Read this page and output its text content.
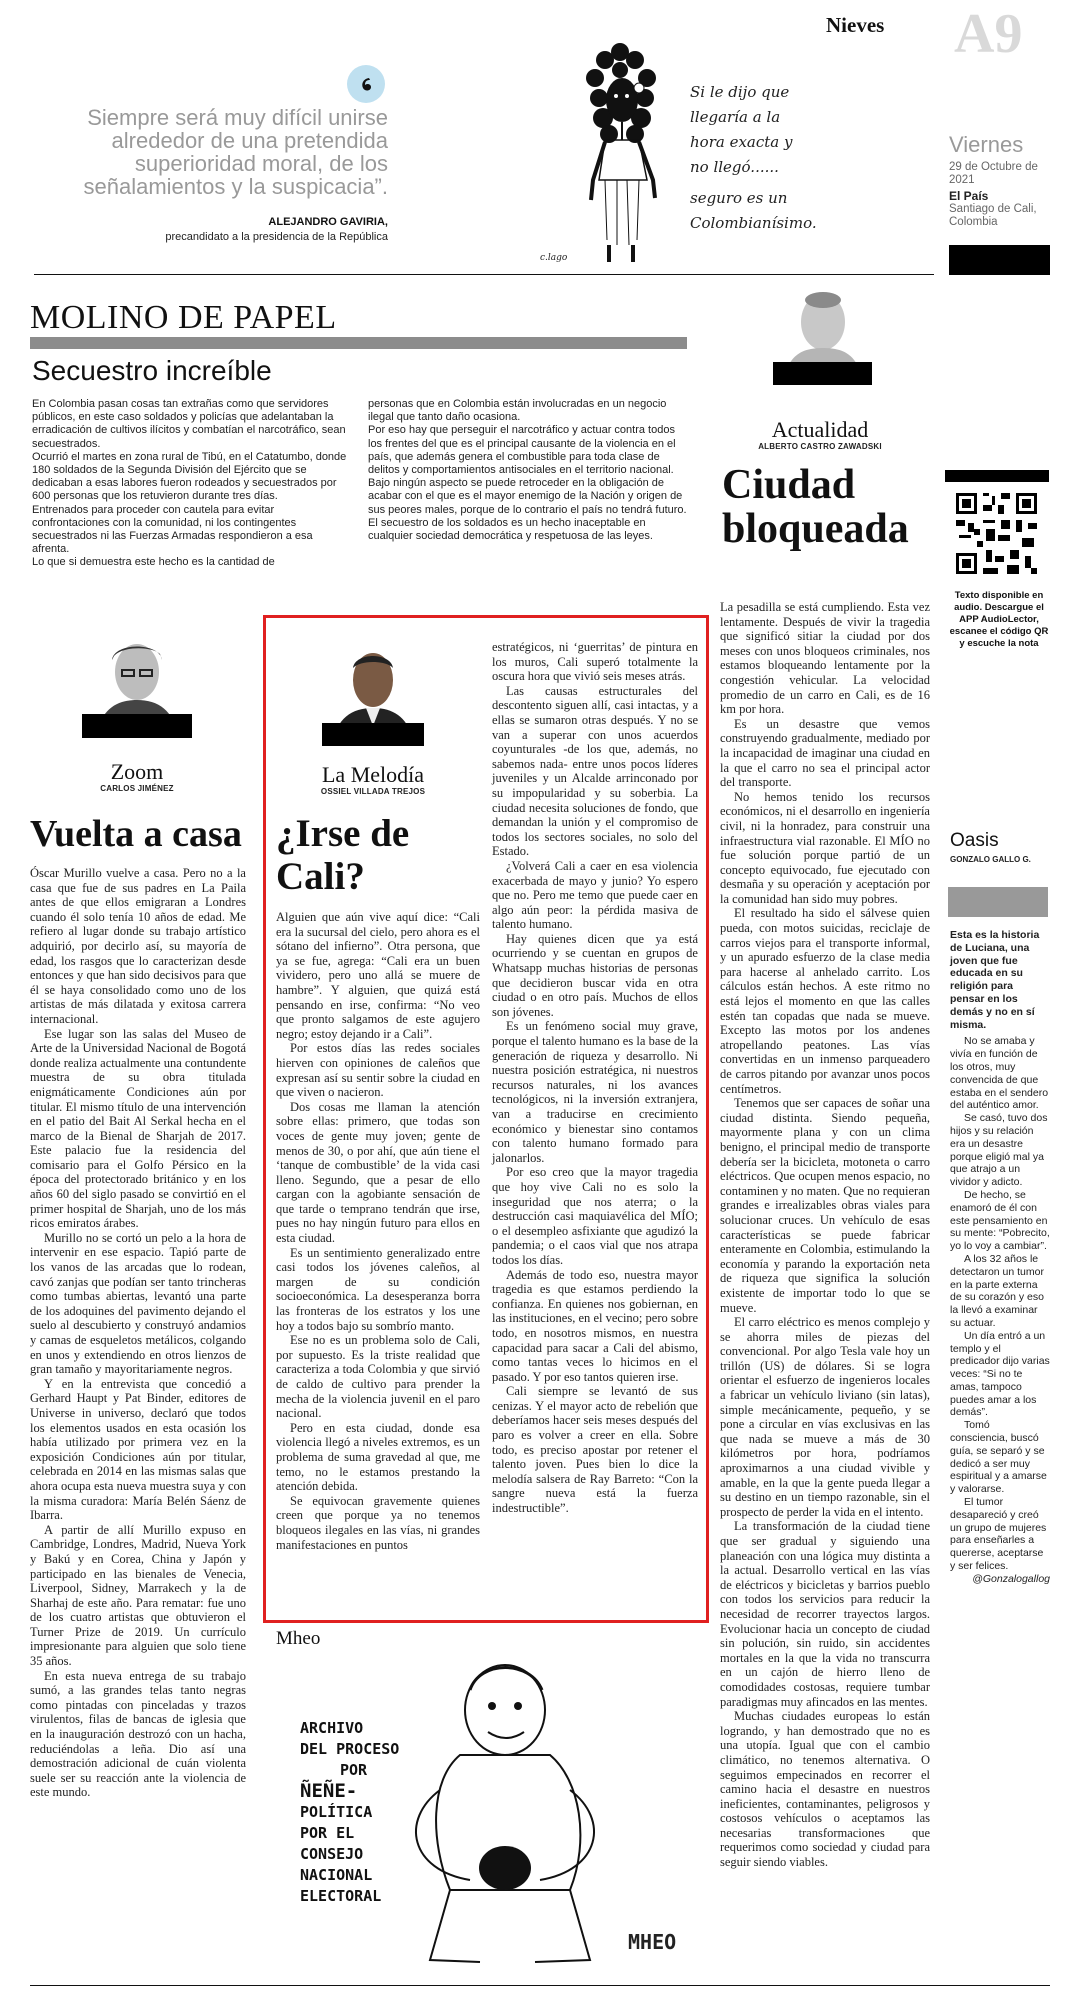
Nieves A9
Viernes
29 de Octubre de 2021
El País
Santiago de Cali, Colombia
Siempre será muy difícil unirse alrededor de una pretendida superioridad moral, de los señalamientos y la suspicacia”.
ALEJANDRO GAVIRIA,
precandidato a la presidencia de la República
Si le dijo que
llegaría a la
hora exacta y
no llegó......
seguro es un
Colombianísimo.
c.lago
MOLINO DE PAPEL
Secuestro increíble

En Colombia pasan cosas tan extrañas como que servidores públicos, en este caso soldados y policías que adelantaban la erradicación de cultivos ilícitos y combatían el narcotráfico, sean secuestrados.

Ocurrió el martes en zona rural de Tibú, en el Catatumbo, donde 180 soldados de la Segunda División del Ejército que se dedicaban a esas labores fueron rodeados y secuestrados por 600 personas que los retuvieron durante tres días.

Entrenados para proceder con cautela para evitar confrontaciones con la comunidad, ni los contingentes secuestrados ni las Fuerzas Armadas respondieron a esa afrenta.

Lo que si demuestra este hecho es la cantidad de

personas que en Colombia están involucradas en un negocio ilegal que tanto daño ocasiona.

Por eso hay que perseguir el narcotráfico y actuar contra todos los frentes del que es el principal causante de la violencia en el país, que además genera el combustible para toda clase de delitos y comportamientos antisociales en el territorio nacional.

Bajo ningún aspecto se puede retroceder en la obligación de acabar con el que es el mayor enemigo de la Nación y origen de sus peores males, porque de lo contrario el país no tendrá futuro.

El secuestro de los soldados es un hecho inaceptable en cualquier sociedad democrática y respetuosa de las leyes.

Actualidad
ALBERTO CASTRO ZAWADSKI
Ciudad
bloqueada

La pesadilla se está cumpliendo. Esta vez lentamente. Después de vivir la tragedia que significó sitiar la ciudad por dos meses con unos bloqueos criminales, nos estamos bloqueando lentamente por la congestión vehicular. La velocidad promedio de un carro en Cali, es de 16 km por hora.

Es un desastre que vemos construyendo gradualmente, mediado por la incapacidad de imaginar una ciudad en la que el carro no sea el principal actor del transporte.

No hemos tenido los recursos económicos, ni el desarrollo en ingeniería civil, ni la honradez, para construir una infraestructura vial razonable. El MÍO no fue solución porque partió de un concepto equivocado, fue ejecutado con desmaña y su operación y aceptación por la comunidad han sido muy pobres.

El resultado ha sido el sálvese quien pueda, con motos suicidas, reciclaje de carros viejos para el transporte informal, y un apurado esfuerzo de la clase media para hacerse al anhelado carrito. Los cálculos están hechos. A este ritmo no está lejos el momento en que las calles estén tan copadas que nada se mueve. Excepto las motos por los andenes atropellando peatones. Las vías convertidas en un inmenso parqueadero de carros pitando por avanzar unos pocos centímetros.

Tenemos que ser capaces de soñar una ciudad distinta. Siendo pequeña, mayormente plana y con un clima benigno, el principal medio de transporte debería ser la bicicleta, motoneta o carro eléctricos. Que ocupen menos espacio, no contaminen y no maten. Que no requieran grandes e irrealizables obras viales para solucionar cruces. Un vehículo de esas características se puede fabricar enteramente en Colombia, estimulando la economía y parando la exportación neta de riqueza que significa la solución existente de importar todo lo que se mueve.

El carro eléctrico es menos complejo y se ahorra miles de piezas del convencional. Por algo Tesla vale hoy un trillón (US) de dólares. Si se logra orientar el esfuerzo de ingenieros locales a fabricar un vehículo liviano (sin latas), simple mecánicamente, pequeño, y se pone a circular en vías exclusivas en las que nada se mueve a más de 30 kilómetros por hora, podríamos aproximarnos a una ciudad vivible y amable, en la que la gente pueda llegar a su destino en un tiempo razonable, sin el prospecto de perder la vida en el intento.

La transformación de la ciudad tiene que ser gradual y siguiendo una planeación con una lógica muy distinta a la actual. Desarrollo vertical en las vías de eléctricos y bicicletas y barrios pueblo con todos los servicios para reducir la necesidad de recorrer trayectos largos. Evolucionar hacia un concepto de ciudad sin polución, sin ruido, sin accidentes mortales en la que la vida no transcurra en un cajón de hierro lleno de comodidades costosas, requiere tumbar paradigmas muy afincados en las mentes.

Muchas ciudades europeas lo están logrando, y han demostrado que no es una utopía. Igual que con el cambio climático, no tenemos alternativa. O seguimos empecinados en recorrer el camino hacia el desastre en nuestros ineficientes, contaminantes, peligrosos y costosos vehículos o aceptamos las necesarias transformaciones que requerimos como sociedad y ciudad para seguir siendo viables.

Texto disponible en audio. Descargue el APP AudioLector, escanee el código QR y escuche la nota
Oasis
GONZALO GALLO G.

Esta es la historia de Luciana, una joven que fue educada en su religión para pensar en los demás y no en sí misma.

No se amaba y vivía en función de los otros, muy convencida de que estaba en el sendero del auténtico amor.

Se casó, tuvo dos hijos y su relación era un desastre porque eligió mal ya que atrajo a un vividor y adicto.

De hecho, se enamoró de él con este pensamiento en su mente: “Pobrecito, yo lo voy a cambiar”.

A los 32 años le detectaron un tumor en la parte externa de su corazón y eso la llevó a examinar su actuar.

Un día entró a un templo y el predicador dijo varias veces: “Si no te amas, tampoco puedes amar a los demás”.

Tomó consciencia, buscó guía, se separó y se dedicó a ser muy espiritual y a amarse y valorarse.

El tumor desapareció y creó un grupo de mujeres para enseñarles a quererse, aceptarse y ser felices.

@Gonzalogallog

Zoom
CARLOS JIMÉNEZ
Vuelta a casa

Óscar Murillo vuelve a casa. Pero no a la casa que fue de sus padres en La Paila antes de que ellos emigraran a Londres cuando él solo tenía 10 años de edad. Me refiero al lugar donde su trabajo artístico adquirió, por decirlo así, su mayoría de edad, los rasgos que lo caracterizan desde entonces y que han sido decisivos para que él se haya consolidado como uno de los artistas de más dilatada y exitosa carrera internacional.

Ese lugar son las salas del Museo de Arte de la Universidad Nacional de Bogotá donde realiza actualmente una contundente muestra de su obra titulada enigmáticamente Condiciones aún por titular. El mismo título de una intervención en el patio del Bait Al Serkal hecha en el marco de la Bienal de Sharjah de 2017. Este palacio fue la residencia del comisario para el Golfo Pérsico en la época del protectorado británico y en los años 60 del siglo pasado se convirtió en el primer hospital de Sharjah, uno de los más ricos emiratos árabes.

Murillo no se cortó un pelo a la hora de intervenir en ese espacio. Tapió parte de los vanos de las arcadas que lo rodean, cavó zanjas que podían ser tanto trincheras como tumbas abiertas, levantó una parte de los adoquines del pavimento dejando el suelo al descubierto y construyó andamios y camas de esqueletos metálicos, colgando en unos y extendiendo en otros lienzos de gran tamaño y mayoritariamente negros.

Y en la entrevista que concedió a Gerhard Haupt y Pat Binder, editores de Universe in universo, declaró que todos los elementos usados en esta ocasión los había utilizado por primera vez en la exposición Condiciones aún por titular, celebrada en 2014 en las mismas salas que ahora ocupa esta nueva muestra suya y con la misma curadora: María Belén Sáenz de Ibarra.

A partir de allí Murillo expuso en Cambridge, Londres, Madrid, Nueva York y Bakú y en Corea, China y Japón y participado en las bienales de Venecia, Liverpool, Sidney, Marrakech y la de Sharhaj de este año. Para rematar: fue uno de los cuatro artistas que obtuvieron el Turner Prize de 2019. Un currículo impresionante para alguien que solo tiene 35 años.

En esta nueva entrega de su trabajo sumó, a las grandes telas tanto negras como pintadas con pinceladas y trazos virulentos, filas de bancas de iglesia que en la inauguración destrozó con un hacha, reduciéndolas a leña. Dio así una demostración adicional de cuán violenta suele ser su reacción ante la violencia de este mundo.

La Melodía
OSSIEL VILLADA TREJOS
¿Irse de Cali?

Alguien que aún vive aquí dice: “Cali era la sucursal del cielo, pero ahora es el sótano del infierno”. Otra persona, que ya se fue, agrega: “Cali era un buen vividero, pero uno allá se muere de hambre”. Y alguien, que quizá está pensando en irse, confirma: “No veo que pronto salgamos de este agujero negro; estoy dejando ir a Cali”.

Por estos días las redes sociales hierven con opiniones de caleños que expresan así su sentir sobre la ciudad en que viven o nacieron.

Dos cosas me llaman la atención sobre ellas: primero, que todas son voces de gente muy joven; gente de menos de 30, o por ahí, que aún tiene el ‘tanque de combustible’ de la vida casi lleno. Segundo, que a pesar de ello cargan con la agobiante sensación de que tarde o temprano tendrán que irse, pues no hay ningún futuro para ellos en esta ciudad.

Es un sentimiento generalizado entre casi todos los jóvenes caleños, al margen de su condición socioeconómica. La desesperanza borra las fronteras de los estratos y los une hoy a todos bajo su sombrío manto.

Ese no es un problema solo de Cali, por supuesto. Es la triste realidad que caracteriza a toda Colombia y que sirvió de caldo de cultivo para prender la mecha de la violencia juvenil en el paro nacional.

Pero en esta ciudad, donde esa violencia llegó a niveles extremos, es un problema de suma gravedad al que, me temo, no le estamos prestando la atención debida.

Se equivocan gravemente quienes creen que porque ya no tenemos bloqueos ilegales en las vías, ni grandes manifestaciones en puntos

estratégicos, ni ‘guerritas’ de pintura en los muros, Cali superó totalmente la oscura hora que vivió seis meses atrás.

Las causas estructurales del descontento siguen allí, casi intactas, y a ellas se sumaron otras después. Y no se van a superar con unos acuerdos coyunturales -de los que, además, no sabemos nada- entre unos pocos líderes juveniles y un Alcalde arrinconado por su impopularidad y su soberbia. La ciudad necesita soluciones de fondo, que demandan la unión y el compromiso de todos los sectores sociales, no solo del Estado.

¿Volverá Cali a caer en esa violencia exacerbada de mayo y junio? Yo espero que no. Pero me temo que puede caer en algo aún peor: la pérdida masiva de talento humano.

Hay quienes dicen que ya está ocurriendo y se cuentan en grupos de Whatsapp muchas historias de personas que decidieron buscar vida en otra ciudad o en otro país. Muchos de ellos son jóvenes.

Es un fenómeno social muy grave, porque el talento humano es la base de la generación de riqueza y desarrollo. Ni nuestra posición estratégica, ni nuestros recursos naturales, ni los avances tecnológicos, ni la inversión extranjera, van a traducirse en crecimiento económico y bienestar sino contamos con talento humano formado para jalonarlos.

Por eso creo que la mayor tragedia que hoy vive Cali no es solo la inseguridad que nos aterra; o la destrucción casi maquiavélica del MÍO; o el desempleo asfixiante que agudizó la pandemia; o el caos vial que nos atrapa todos los días.

Además de todo eso, nuestra mayor tragedia es que estamos perdiendo la confianza. En quienes nos gobiernan, en las instituciones, en el vecino; pero sobre todo, en nosotros mismos, en nuestra capacidad para sacar a Cali del abismo, como tantas veces lo hicimos en el pasado. Y por eso tantos quieren irse.

Cali siempre se levantó de sus cenizas. Y el mayor acto de rebelión que deberíamos hacer seis meses después del paro es volver a creer en ella. Sobre todo, es preciso apostar por retener el talento joven. Pues bien lo dice la melodía salsera de Ray Barreto: “Con la sangre nueva está la fuerza indestructible”.

Mheo
ARCHIVO
DEL PROCESO
POR
ÑEÑE-
POLÍTICA
POR EL
CONSEJO
NACIONAL
ELECTORAL
MHEO
